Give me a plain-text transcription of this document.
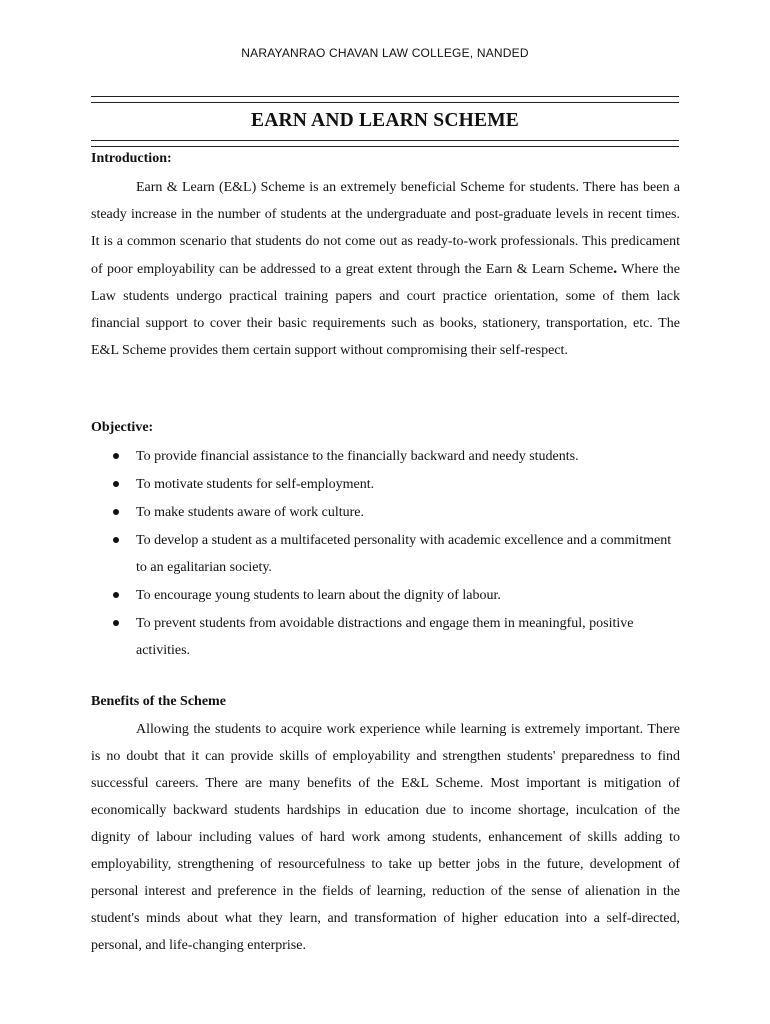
NARAYANRAO CHAVAN LAW COLLEGE, NANDED
EARN AND LEARN SCHEME
Introduction:

Earn & Learn (E&L) Scheme is an extremely beneficial Scheme for students. There has been a steady increase in the number of students at the undergraduate and post-graduate levels in recent times. It is a common scenario that students do not come out as ready-to-work professionals. This predicament of poor employability can be addressed to a great extent through the Earn & Learn Scheme. Where the Law students undergo practical training papers and court practice orientation, some of them lack financial support to cover their basic requirements such as books, stationery, transportation, etc. The E&L Scheme provides them certain support without compromising their self-respect.

Objective:
To provide financial assistance to the financially backward and needy students.
To motivate students for self-employment.
To make students aware of work culture.
To develop a student as a multifaceted personality with academic excellence and a commitment to an egalitarian society.
To encourage young students to learn about the dignity of labour.
To prevent students from avoidable distractions and engage them in meaningful, positive activities.
Benefits of the Scheme

Allowing the students to acquire work experience while learning is extremely important. There is no doubt that it can provide skills of employability and strengthen students' preparedness to find successful careers. There are many benefits of the E&L Scheme. Most important is mitigation of economically backward students hardships in education due to income shortage, inculcation of the dignity of labour including values of hard work among students, enhancement of skills adding to employability, strengthening of resourcefulness to take up better jobs in the future, development of personal interest and preference in the fields of learning, reduction of the sense of alienation in the student's minds about what they learn, and transformation of higher education into a self-directed, personal, and life-changing enterprise.
